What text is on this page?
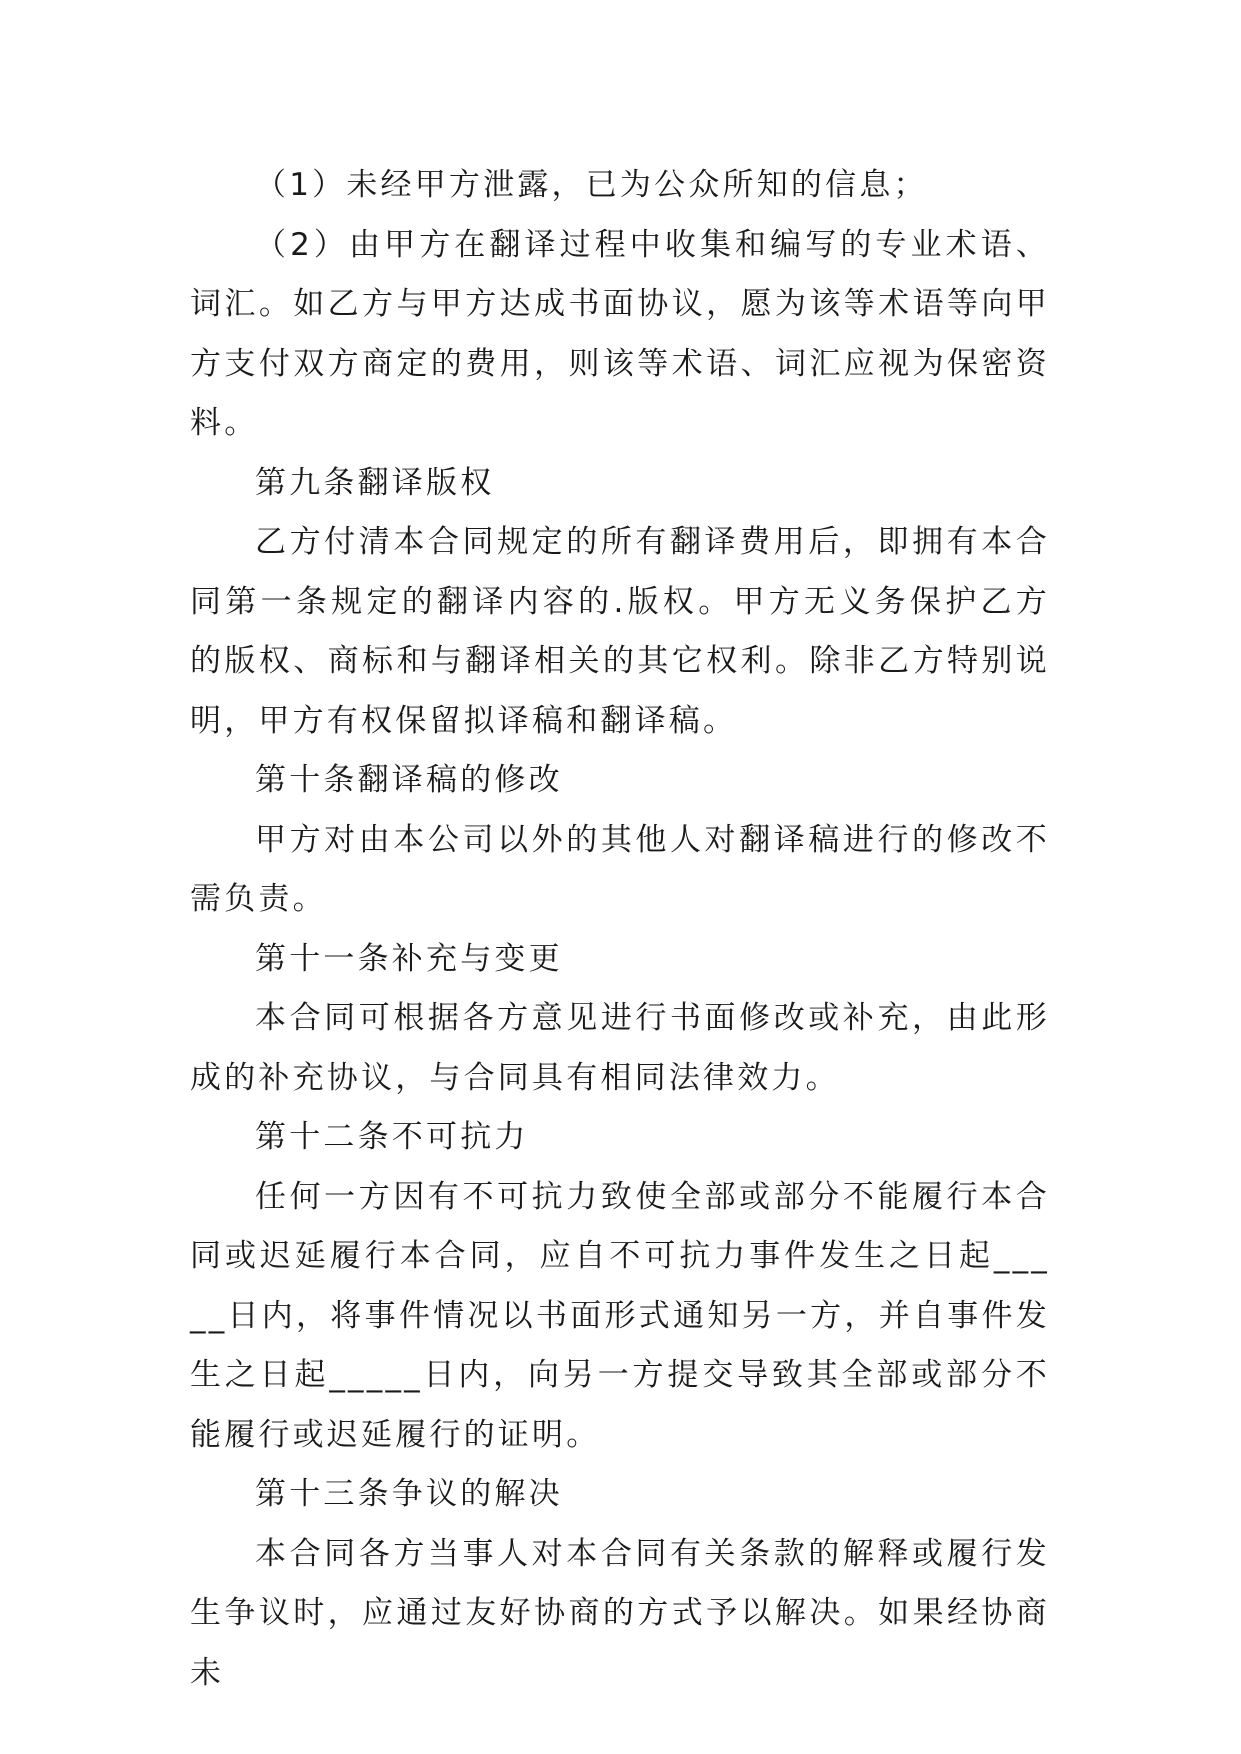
（1）未经甲方泄露，已为公众所知的信息；

（2）由甲方在翻译过程中收集和编写的专业术语、词汇。如乙方与甲方达成书面协议，愿为该等术语等向甲方支付双方商定的费用，则该等术语、词汇应视为保密资料。

第九条翻译版权

乙方付清本合同规定的所有翻译费用后，即拥有本合同第一条规定的翻译内容的.版权。甲方无义务保护乙方的版权、商标和与翻译相关的其它权利。除非乙方特别说明，甲方有权保留拟译稿和翻译稿。

第十条翻译稿的修改

甲方对由本公司以外的其他人对翻译稿进行的修改不需负责。

第十一条补充与变更

本合同可根据各方意见进行书面修改或补充，由此形成的补充协议，与合同具有相同法律效力。

第十二条不可抗力

任何一方因有不可抗力致使全部或部分不能履行本合同或迟延履行本合同，应自不可抗力事件发生之日起_____日内，将事件情况以书面形式通知另一方，并自事件发生之日起_____日内，向另一方提交导致其全部或部分不能履行或迟延履行的证明。

第十三条争议的解决

本合同各方当事人对本合同有关条款的解释或履行发生争议时，应通过友好协商的方式予以解决。如果经协商未
